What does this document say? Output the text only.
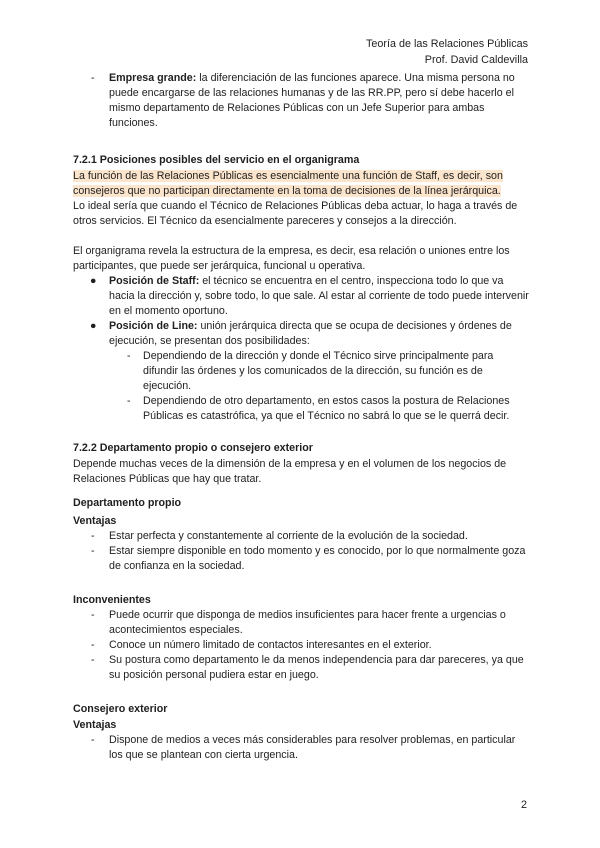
Teoría de las Relaciones Públicas
Prof. David Caldevilla
- Empresa grande: la diferenciación de las funciones aparece. Una misma persona no puede encargarse de las relaciones humanas y de las RR.PP, pero sí debe hacerlo el mismo departamento de Relaciones Públicas con un Jefe Superior para ambas funciones.

7.2.1 Posiciones posibles del servicio en el organigrama

La función de las Relaciones Públicas es esencialmente una función de Staff, es decir, son consejeros que no participan directamente en la toma de decisiones de la línea jerárquica.

Lo ideal sería que cuando el Técnico de Relaciones Públicas deba actuar, lo haga a través de otros servicios. El Técnico da esencialmente pareceres y consejos a la dirección.

El organigrama revela la estructura de la empresa, es decir, esa relación o uniones entre los participantes, que puede ser jerárquica, funcional u operativa.

● Posición de Staff: el técnico se encuentra en el centro, inspecciona todo lo que va hacia la dirección y, sobre todo, lo que sale. Al estar al corriente de todo puede intervenir en el momento oportuno.
● Posición de Line: unión jerárquica directa que se ocupa de decisiones y órdenes de ejecución, se presentan dos posibilidades:
- Dependiendo de la dirección y donde el Técnico sirve principalmente para difundir las órdenes y los comunicados de la dirección, su función es de ejecución.
- Dependiendo de otro departamento, en estos casos la postura de Relaciones Públicas es catastrófica, ya que el Técnico no sabrá lo que se le querrá decir.

7.2.2 Departamento propio o consejero exterior

Depende muchas veces de la dimensión de la empresa y en el volumen de los negocios de Relaciones Públicas que hay que tratar.

Departamento propio

Ventajas

- Estar perfecta y constantemente al corriente de la evolución de la sociedad.
- Estar siempre disponible en todo momento y es conocido, por lo que normalmente goza de confianza en la sociedad.

Inconvenientes

- Puede ocurrir que disponga de medios insuficientes para hacer frente a urgencias o acontecimientos especiales.
- Conoce un número limitado de contactos interesantes en el exterior.
- Su postura como departamento le da menos independencia para dar pareceres, ya que su posición personal pudiera estar en juego.

Consejero exterior

Ventajas

- Dispone de medios a veces más considerables para resolver problemas, en particular los que se plantean con cierta urgencia.
2
